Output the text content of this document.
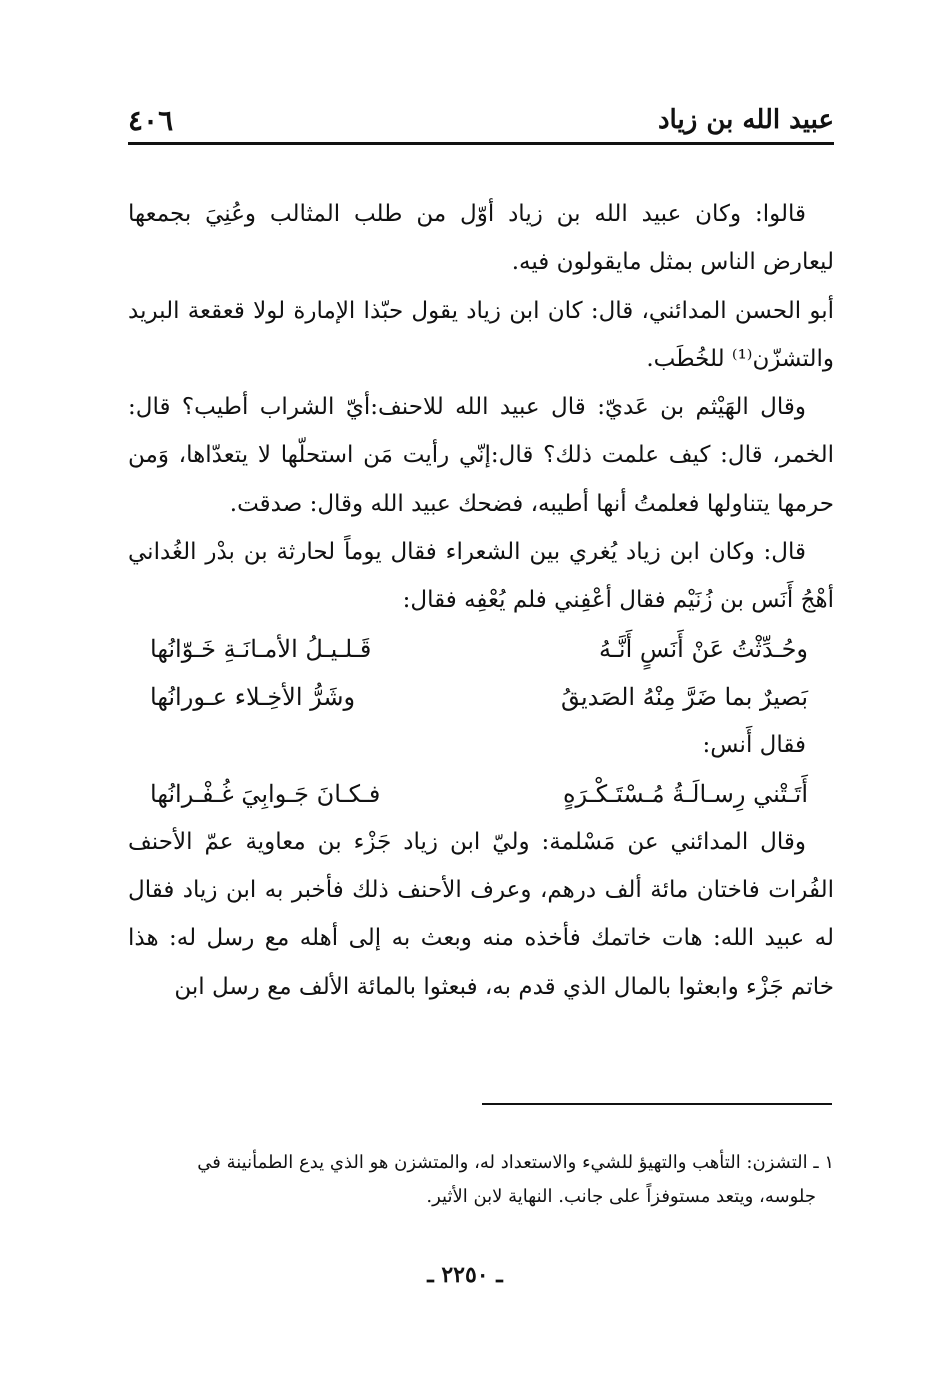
عبيد الله بن زياد
٤٠٦

قالوا: وكان عبيد الله بن زياد أوّل من طلب المثالب وعُنِيَ بجمعها ليعارض الناس بمثل مايقولون فيه.

أبو الحسن المدائني، قال: كان ابن زياد يقول حبّذا الإمارة لولا قعقعة البريد والتشزّن⁽¹⁾ للخُطَب.

وقال الهَيْثم بن عَديّ: قال عبيد الله للاحنف:أيّ الشراب أطيب؟ قال: الخمر، قال: كيف علمت ذلك؟ قال:إنّي رأيت مَن استحلّها لا يتعدّاها، وَمن حرمها يتناولها فعلمتُ أنها أطيبه، فضحك عبيد الله وقال: صدقت.

قال: وكان ابن زياد يُغري بين الشعراء فقال يوماً لحارثة بن بدْر الغُداني أهْجُ أَنَس بن زُنَيْم فقال أعْفِني فلم يُعْفِه فقال:

وحُـدِّثْتُ عَنْ أَنَسٍ أَنَّـهُ
قَـلـيـلُ الأمـانَـةِ خَـوّانُها
بَصيرٌ بما ضَرَّ مِنْهُ الصَديقُ
وشَرُّ الأخِـلاء عـورانُها

فقال أَنس:

أَتَـتْني رِسـالَـةُ مُـسْتَـكْـرَهٍ
فـكـانَ جَـوابِيَ غُـفْـرانُها

وقال المدائني عن مَسْلمة: وليّ ابن زياد جَزْء بن معاوية عمّ الأحنف الفُرات فاختان مائة ألف درهم، وعرف الأحنف ذلك فأخبر به ابن زياد فقال له عبيد الله: هات خاتمك فأخذه منه وبعث به إلى أهله مع رسل له: هذا خاتم جَزْء وابعثوا بالمال الذي قدم به، فبعثوا بالمائة الألف مع رسل ابن

١ ـ التشزن: التأهب والتهيؤ للشيء والاستعداد له، والمتشزن هو الذي يدع الطمأنينة في

جلوسه، ويتعد مستوفزاً على جانب. النهاية لابن الأثير.

ـ ٢٢٥٠ ـ
